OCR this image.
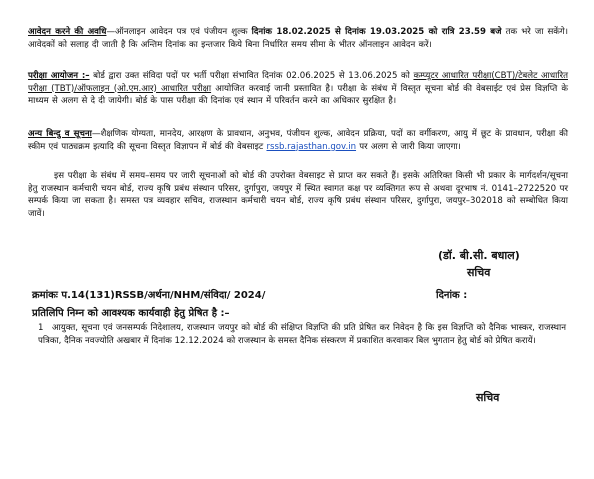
आवेदन करने की अवधि—ऑनलाइन आवेदन पत्र एवं पंजीयन शुल्क दिनांक 18.02.2025 से दिनांक 19.03.2025 को रात्रि 23.59 बजे तक भरे जा सकेंगे। आवेदकों को सलाह दी जाती है कि अन्तिम दिनांक का इन्तजार किये बिना निर्धारित समय सीमा के भीतर ऑनलाइन आवेदन करें।
परीक्षा आयोजन :– बोर्ड द्वारा उक्त संविदा पदों पर भर्ती परीक्षा संभावित दिनांक 02.06.2025 से 13.06.2025 को कम्प्यूटर आधारित परीक्षा(CBT)/टेबलेट आधारित परीक्षा (TBT)/ऑफलाइन (ओ.एम.आर) आधारित परीक्षा आयोजित करवाई जानी प्रस्तावित है। परीक्षा के संबंध में विस्तृत सूचना बोर्ड की वेबसाईट एवं प्रेस विज्ञप्ति के माध्यम से अलग से दे दी जायेगी। बोर्ड के पास परीक्षा की दिनांक एवं स्थान में परिवर्तन करने का अधिकार सुरक्षित है।
अन्य बिन्दु व सूचना—शैक्षणिक योग्यता, मानदेय, आरक्षण के प्रावधान, अनुभव, पंजीयन शुल्क, आवेदन प्रक्रिया, पदों का वर्गीकरण, आयु में छूट के प्रावधान, परीक्षा की स्कीम एवं पाठ्यक्रम इत्यादि की सूचना विस्तृत विज्ञापन में बोर्ड की वेबसाइट rssb.rajasthan.gov.in पर अलग से जारी किया जाएगा।
इस परीक्षा के संबंध में समय–समय पर जारी सूचनाओं को बोर्ड की उपरोक्त वेबसाइट से प्राप्त कर सकते हैं। इसके अतिरिक्त किसी भी प्रकार के मार्गदर्शन/सूचना हेतु राजस्थान कर्मचारी चयन बोर्ड, राज्य कृषि प्रबंध संस्थान परिसर, दुर्गापुरा, जयपुर में स्थित स्वागत कक्ष पर व्यक्तिगत रूप से अथवा दूरभाष नं. 0141–2722520 पर सम्पर्क किया जा सकता है। समस्त पत्र व्यवहार सचिव, राजस्थान कर्मचारी चयन बोर्ड, राज्य कृषि प्रबंध संस्थान परिसर, दुर्गापुरा, जयपुर–302018 को सम्बोधित किया जावें।
(डॉ. बी.सी. बधाल)
सचिव
क्रमांकः प.14(131)RSSB/अर्थना/NHM/संविदा/ 2024/	दिनांक :
प्रतिलिपि निम्न को आवश्यक कार्यवाही हेतु प्रेषित है :–
1 आयुक्त, सूचना एवं जनसम्पर्क निदेशालय, राजस्थान जयपुर को बोर्ड की संक्षिप्त विज्ञप्ति की प्रति प्रेषित कर निवेदन है कि इस विज्ञप्ति को दैनिक भास्कर, राजस्थान पत्रिका, दैनिक नवज्योति अखबार में दिनांक 12.12.2024 को राजस्थान के समस्त दैनिक संस्करण में प्रकाशित करवाकर बिल भुगतान हेतु बोर्ड को प्रेषित करायें।
सचिव
